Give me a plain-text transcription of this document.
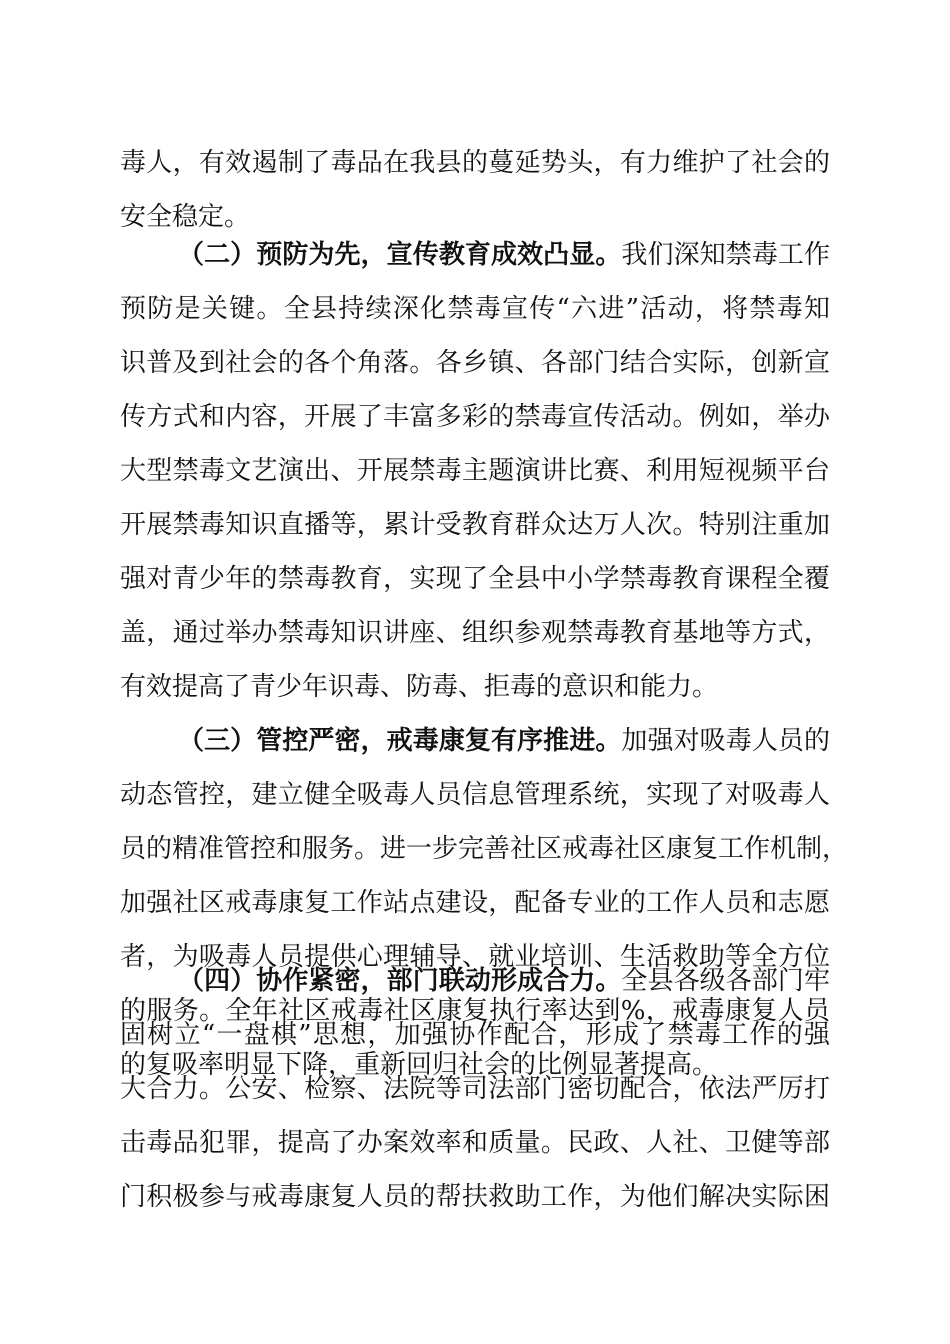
毒人，有效遏制了毒品在我县的蔓延势头，有力维护了社会的
安全稳定。
（二）预防为先，宣传教育成效凸显。我们深知禁毒工作
预防是关键。全县持续深化禁毒宣传“六进”活动，将禁毒知
识普及到社会的各个角落。各乡镇、各部门结合实际，创新宣
传方式和内容，开展了丰富多彩的禁毒宣传活动。例如，举办
大型禁毒文艺演出、开展禁毒主题演讲比赛、利用短视频平台
开展禁毒知识直播等，累计受教育群众达万人次。特别注重加
强对青少年的禁毒教育，实现了全县中小学禁毒教育课程全覆
盖，通过举办禁毒知识讲座、组织参观禁毒教育基地等方式，
有效提高了青少年识毒、防毒、拒毒的意识和能力。
（三）管控严密，戒毒康复有序推进。加强对吸毒人员的
动态管控，建立健全吸毒人员信息管理系统，实现了对吸毒人
员的精准管控和服务。进一步完善社区戒毒社区康复工作机制，
加强社区戒毒康复工作站点建设，配备专业的工作人员和志愿
者，为吸毒人员提供心理辅导、就业培训、生活救助等全方位
的服务。全年社区戒毒社区康复执行率达到%，戒毒康复人员
的复吸率明显下降，重新回归社会的比例显著提高。
（四）协作紧密，部门联动形成合力。全县各级各部门牢
固树立“一盘棋”思想，加强协作配合，形成了禁毒工作的强
大合力。公安、检察、法院等司法部门密切配合，依法严厉打
击毒品犯罪，提高了办案效率和质量。民政、人社、卫健等部
门积极参与戒毒康复人员的帮扶救助工作，为他们解决实际困
